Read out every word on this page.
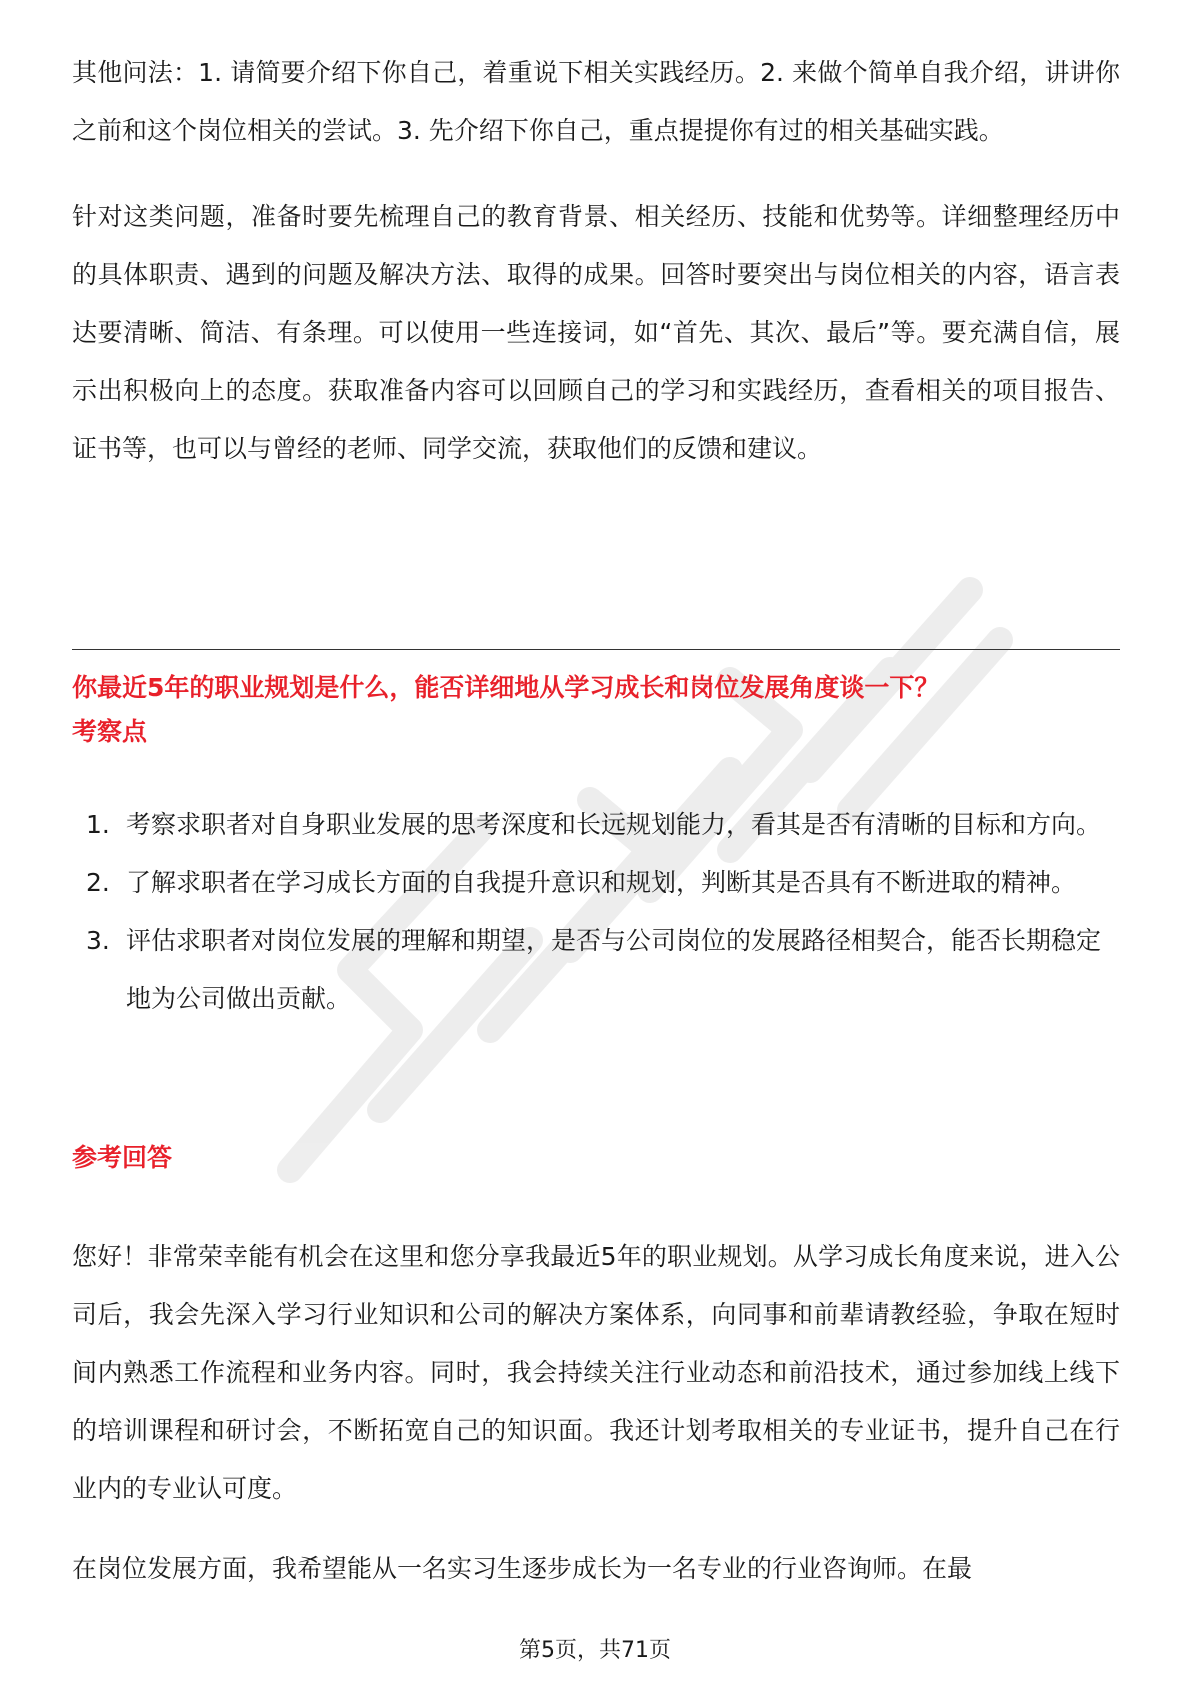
其他问法：1. 请简要介绍下你自己，着重说下相关实践经历。2. 来做个简单自我介绍，讲讲你之前和这个岗位相关的尝试。3. 先介绍下你自己，重点提提你有过的相关基础实践。

针对这类问题，准备时要先梳理自己的教育背景、相关经历、技能和优势等。详细整理经历中的具体职责、遇到的问题及解决方法、取得的成果。回答时要突出与岗位相关的内容，语言表达要清晰、简洁、有条理。可以使用一些连接词，如“首先、其次、最后”等。要充满自信，展示出积极向上的态度。获取准备内容可以回顾自己的学习和实践经历，查看相关的项目报告、证书等，也可以与曾经的老师、同学交流，获取他们的反馈和建议。

你最近5年的职业规划是什么，能否详细地从学习成长和岗位发展角度谈一下？
考察点
1. 考察求职者对自身职业发展的思考深度和长远规划能力，看其是否有清晰的目标和方向。
2. 了解求职者在学习成长方面的自我提升意识和规划，判断其是否具有不断进取的精神。
3. 评估求职者对岗位发展的理解和期望，是否与公司岗位的发展路径相契合，能否长期稳定地为公司做出贡献。
参考回答

您好！非常荣幸能有机会在这里和您分享我最近5年的职业规划。从学习成长角度来说，进入公司后，我会先深入学习行业知识和公司的解决方案体系，向同事和前辈请教经验，争取在短时间内熟悉工作流程和业务内容。同时，我会持续关注行业动态和前沿技术，通过参加线上线下的培训课程和研讨会，不断拓宽自己的知识面。我还计划考取相关的专业证书，提升自己在行业内的专业认可度。

在岗位发展方面，我希望能从一名实习生逐步成长为一名专业的行业咨询师。在最

第5页，共71页
